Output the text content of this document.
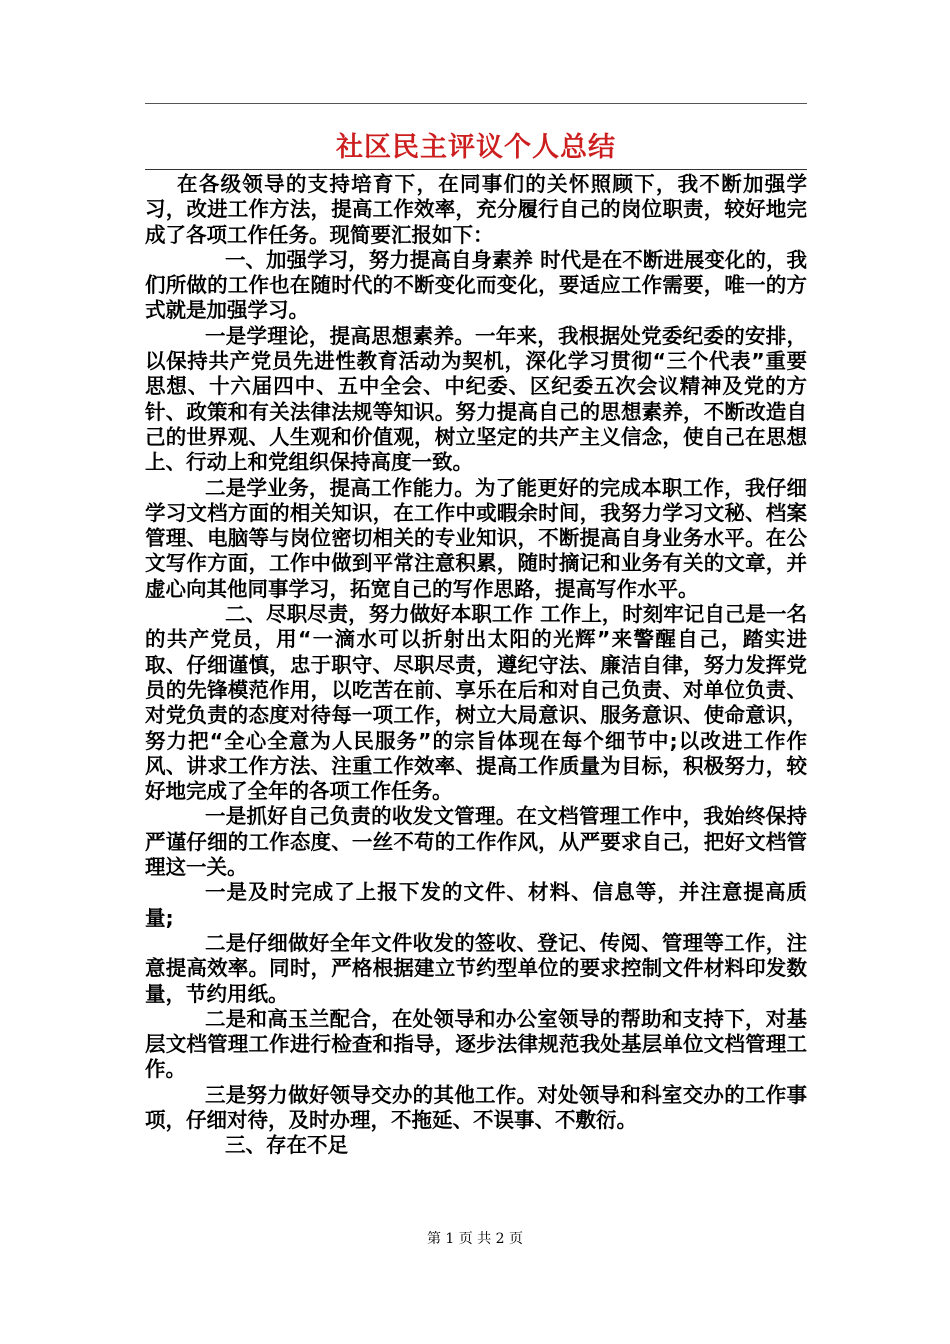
社区民主评议个人总结

在各级领导的支持培育下，在同事们的关怀照顾下，我不断加强学习，改进工作方法，提高工作效率，充分履行自己的岗位职责，较好地完成了各项工作任务。现简要汇报如下：

一、加强学习，努力提高自身素养 时代是在不断进展变化的，我们所做的工作也在随时代的不断变化而变化，要适应工作需要，唯一的方式就是加强学习。

一是学理论，提高思想素养。一年来，我根据处党委纪委的安排，以保持共产党员先进性教育活动为契机，深化学习贯彻“三个代表”重要思想、十六届四中、五中全会、中纪委、区纪委五次会议精神及党的方针、政策和有关法律法规等知识。努力提高自己的思想素养，不断改造自己的世界观、人生观和价值观，树立坚定的共产主义信念，使自己在思想上、行动上和党组织保持高度一致。

二是学业务，提高工作能力。为了能更好的完成本职工作，我仔细学习文档方面的相关知识，在工作中或暇余时间，我努力学习文秘、档案管理、电脑等与岗位密切相关的专业知识，不断提高自身业务水平。在公文写作方面，工作中做到平常注意积累，随时摘记和业务有关的文章，并虚心向其他同事学习，拓宽自己的写作思路，提高写作水平。

二、尽职尽责，努力做好本职工作 工作上，时刻牢记自己是一名的共产党员，用“一滴水可以折射出太阳的光辉”来警醒自己，踏实进取、仔细谨慎，忠于职守、尽职尽责，遵纪守法、廉洁自律，努力发挥党员的先锋模范作用，以吃苦在前、享乐在后和对自己负责、对单位负责、对党负责的态度对待每一项工作，树立大局意识、服务意识、使命意识，努力把“全心全意为人民服务”的宗旨体现在每个细节中;以改进工作作风、讲求工作方法、注重工作效率、提高工作质量为目标，积极努力，较好地完成了全年的各项工作任务。

一是抓好自己负责的收发文管理。在文档管理工作中，我始终保持严谨仔细的工作态度、一丝不苟的工作作风，从严要求自己，把好文档管理这一关。

一是及时完成了上报下发的文件、材料、信息等，并注意提高质量;

二是仔细做好全年文件收发的签收、登记、传阅、管理等工作，注意提高效率。同时，严格根据建立节约型单位的要求控制文件材料印发数量，节约用纸。

二是和高玉兰配合，在处领导和办公室领导的帮助和支持下，对基层文档管理工作进行检查和指导，逐步法律规范我处基层单位文档管理工作。

三是努力做好领导交办的其他工作。对处领导和科室交办的工作事项，仔细对待，及时办理，不拖延、不误事、不敷衍。

三、存在不足

第 1 页 共 2 页
